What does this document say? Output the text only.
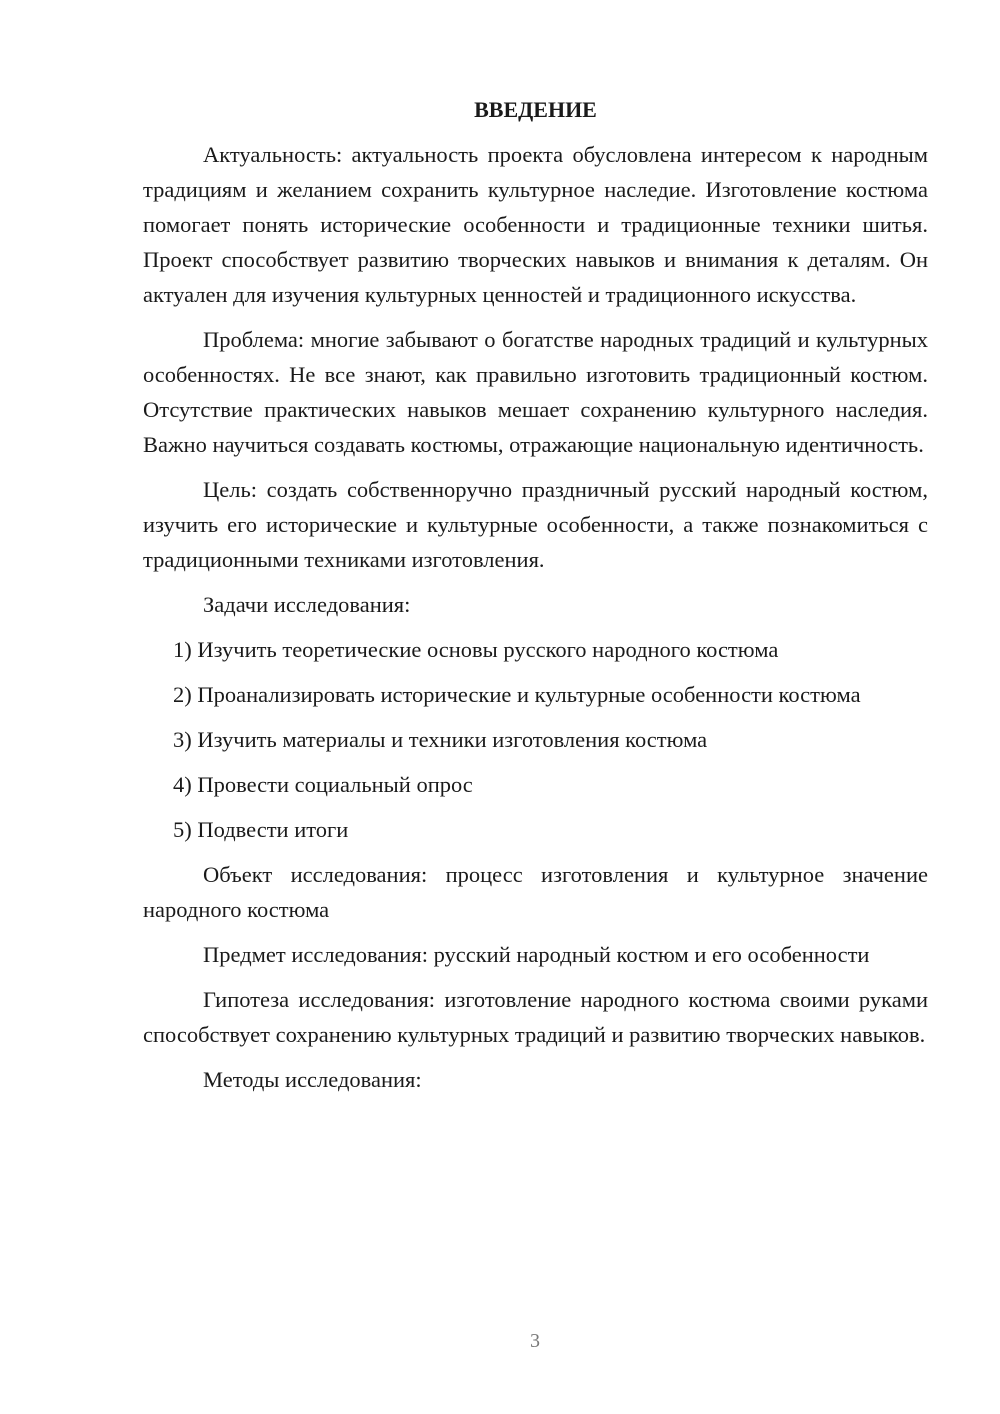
ВВЕДЕНИЕ
Актуальность: актуальность проекта обусловлена интересом к народным традициям и желанием сохранить культурное наследие. Изготовление костюма помогает понять исторические особенности и традиционные техники шитья. Проект способствует развитию творческих навыков и внимания к деталям. Он актуален для изучения культурных ценностей и традиционного искусства.
Проблема: многие забывают о богатстве народных традиций и культурных особенностях. Не все знают, как правильно изготовить традиционный костюм. Отсутствие практических навыков мешает сохранению культурного наследия. Важно научиться создавать костюмы, отражающие национальную идентичность.
Цель: создать собственноручно праздничный русский народный костюм, изучить его исторические и культурные особенности, а также познакомиться с традиционными техниками изготовления.
Задачи исследования:
1) Изучить теоретические основы русского народного костюма
2) Проанализировать исторические и культурные особенности костюма
3) Изучить материалы и техники изготовления костюма
4) Провести социальный опрос
5) Подвести итоги
Объект исследования: процесс изготовления и культурное значение народного костюма
Предмет исследования: русский народный костюм и его особенности
Гипотеза исследования: изготовление народного костюма своими руками способствует сохранению культурных традиций и развитию творческих навыков.
Методы исследования:
3
